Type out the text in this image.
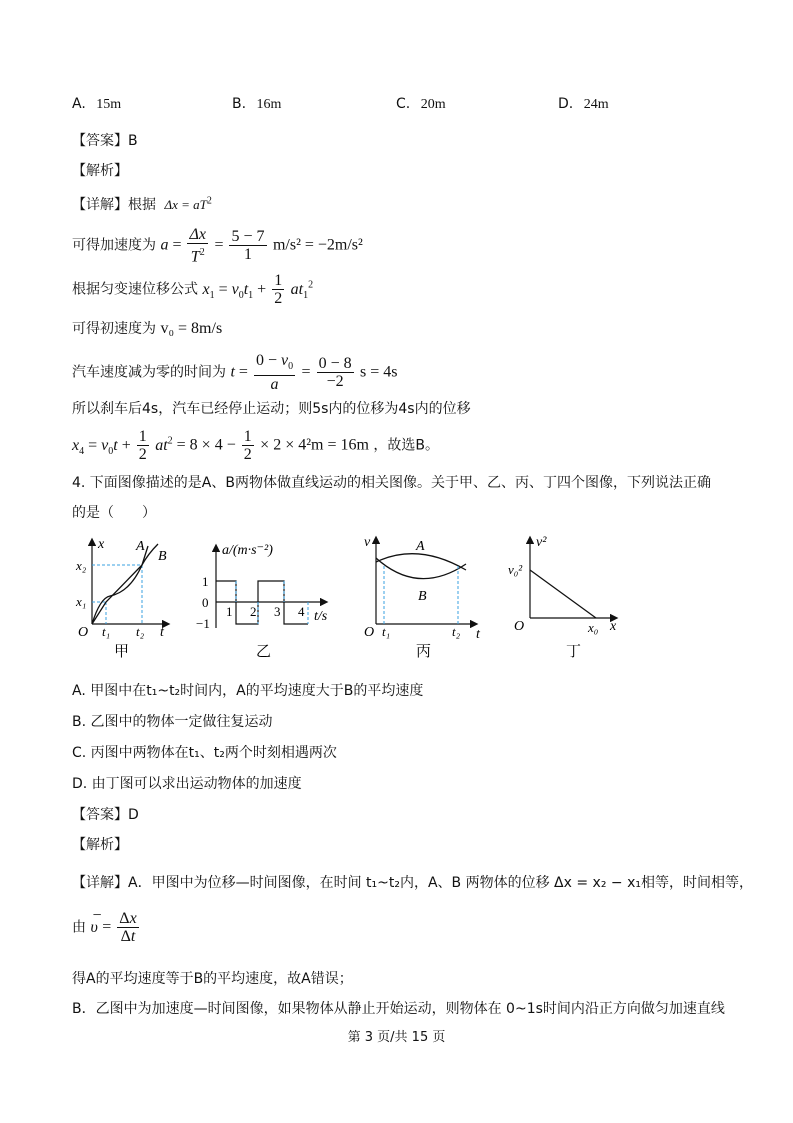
A. 15m	B. 16m	C. 20m	D. 24m
【答案】B
【解析】
【详解】根据 $\Delta x = aT^2$
可得加速度为 $a = \frac{\Delta x}{T^2} = \frac{5 - 7}{1} m/s^2 = -2m/s^2$
根据匀变速位移公式 $x_1 = v_0t_1 + \frac{1}{2} at_1^2$
可得初速度为 v₀ = 8m/s
汽车速度减为零的时间为 $t = \frac{0 - v_0}{a} = \frac{0 - 8}{-2}$ s = 4s
所以刹车后4s，汽车已经停止运动；则5s内的位移为4s内的位移
$x_4 = v_0t + \frac{1}{2} at^2 = 8 \times 4 - \frac{1}{2} \times 2 \times 4^2m = 16m$ ，故选B。
4. 下面图像描述的是A、B两物体做直线运动的相关图像。关于甲、乙、丙、丁四个图像，下列说法正确
的是（　　）
x
t
O
x₂
x₁
t₁ t₂
A
B
甲
a/(m·s⁻²)
t/s
1
0
−1
1 2 3 4
乙
v
t
O t₁	t₂
A
B
丙
v²
x
O
v₀²
x₀
丁
A. 甲图中在t₁~t₂时间内，A的平均速度大于B的平均速度
B. 乙图中的物体一定做往复运动
C. 丙图中两物体在t₁、t₂两个时刻相遇两次
D. 由丁图可以求出运动物体的加速度
【答案】D
【解析】
【详解】A．甲图中为位移—时间图像，在时间 t₁~t₂内，A、B 两物体的位移 Δx = x₂ − x₁相等，时间相等，
由
−
$\upsilon = \frac{\Delta x}{\Delta t}$
得A的平均速度等于B的平均速度，故A错误；
B．乙图中为加速度—时间图像，如果物体从静止开始运动，则物体在 0~1s时间内沿正方向做匀加速直线
第 3 页/共 15 页
